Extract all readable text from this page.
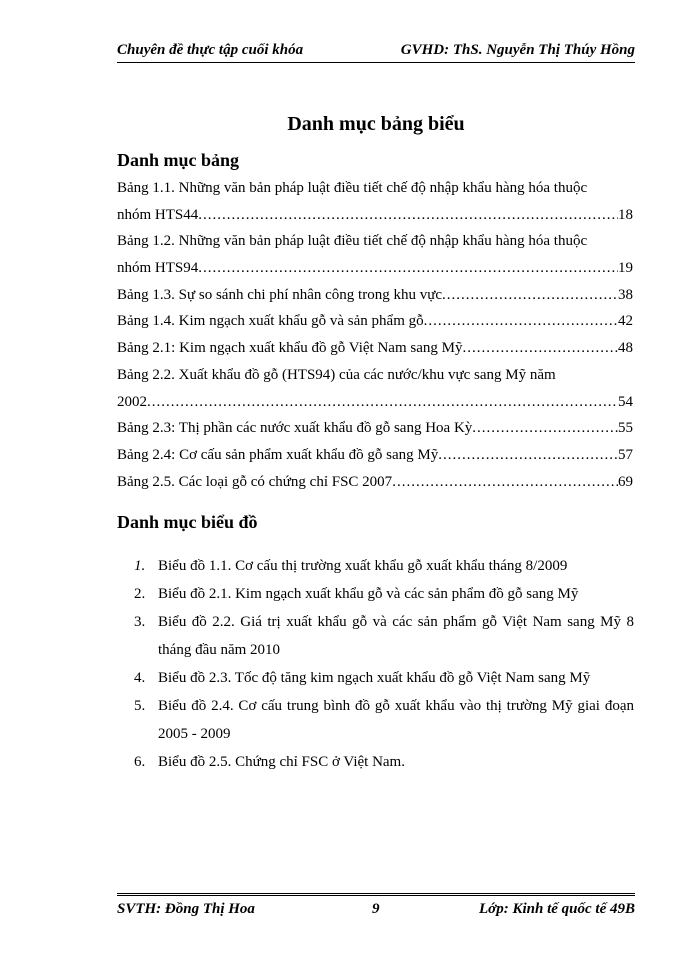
Chuyên đề thực tập cuối khóa	GVHD: ThS. Nguyễn Thị Thúy Hồng
Danh mục bảng biểu
Danh mục bảng
Bảng 1.1. Những văn bản pháp luật điều tiết chế độ nhập khẩu hàng hóa thuộc
nhóm HTS44 .....	18
Bảng 1.2. Những văn bản pháp luật điều tiết chế độ nhập khẩu hàng hóa thuộc
nhóm HTS94 .....	19
Bảng 1.3. Sự so sánh chi phí nhân công trong khu vực .....	38
Bảng 1.4. Kim ngạch xuất khẩu gỗ và sản phẩm gỗ .....	42
Bảng 2.1: Kim ngạch xuất khẩu đồ gỗ Việt Nam sang Mỹ .....	48
Bảng 2.2. Xuất khẩu đồ gỗ (HTS94) của các nước/khu vực sang Mỹ năm
2002 .....	54
Bảng 2.3: Thị phần các nước xuất khẩu đồ gỗ sang Hoa Kỳ .....	55
Bảng 2.4: Cơ cấu sản phẩm xuất khẩu đồ gỗ sang Mỹ .....	57
Bảng 2.5. Các loại gỗ có chứng chỉ FSC 2007 .....	69
Danh mục biểu đồ
1. Biểu đồ 1.1. Cơ cấu thị trường xuất khẩu gỗ xuất khẩu tháng 8/2009
2. Biểu đồ 2.1. Kim ngạch xuất khẩu gỗ và các sản phẩm đồ gỗ sang Mỹ
3. Biểu đồ 2.2. Giá trị xuất khẩu gỗ và các sản phẩm gỗ Việt Nam sang Mỹ 8 tháng đầu năm 2010
4. Biểu đồ 2.3. Tốc độ tăng kim ngạch xuất khẩu đồ gỗ Việt Nam sang Mỹ
5. Biểu đồ 2.4. Cơ cấu trung bình đồ gỗ xuất khẩu vào thị trường Mỹ giai đoạn 2005 - 2009
6. Biểu đồ 2.5. Chứng chỉ FSC ở Việt Nam.
SVTH: Đồng Thị Hoa	9	Lớp: Kinh tế quốc tế 49B
